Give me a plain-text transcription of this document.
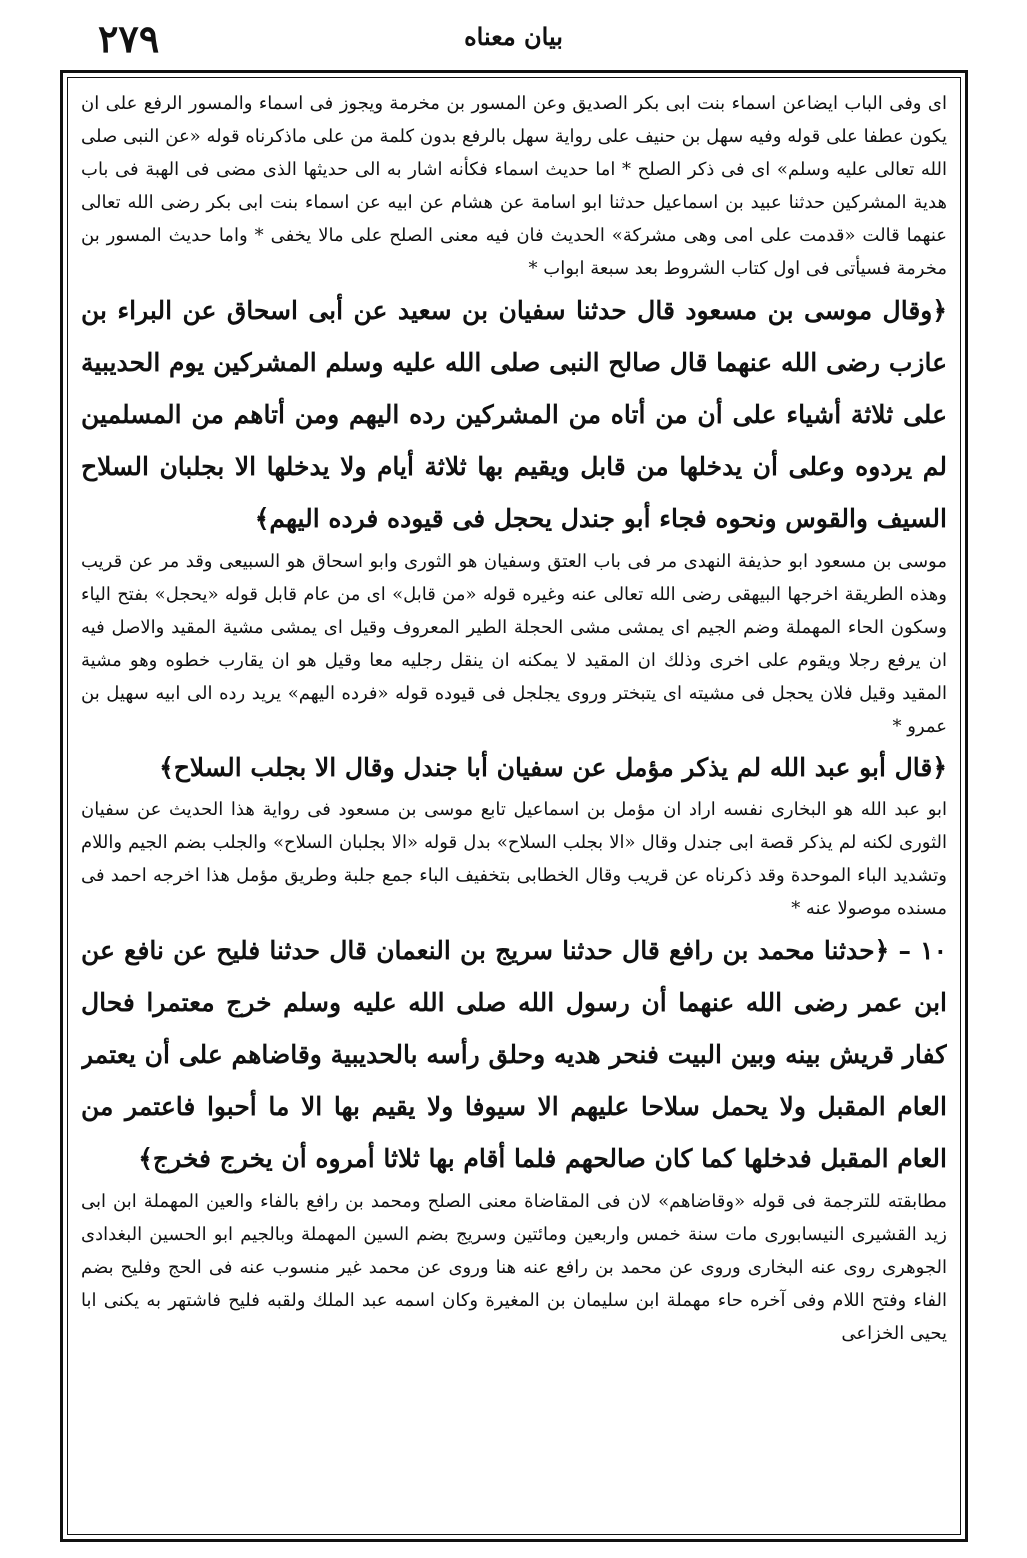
٢٧٩	بيان معناه

اى وفى الباب ايضاعن اسماء بنت ابى بكر الصديق وعن المسور بن مخرمة ويجوز فى اسماء والمسور الرفع على ان يكون عطفا على قوله وفيه سهل بن حنيف على رواية سهل بالرفع بدون كلمة من على ماذكرناه قوله «عن النبى صلى الله تعالى عليه وسلم» اى فى ذكر الصلح * اما حديث اسماء فكأنه اشار به الى حديثها الذى مضى فى الهبة فى باب هدية المشركين حدثنا عبيد بن اسماعيل حدثنا ابو اسامة عن هشام عن ابيه عن اسماء بنت ابى بكر رضى الله تعالى عنهما قالت «قدمت على امى وهى مشركة» الحديث فان فيه معنى الصلح على مالا يخفى * واما حديث المسور بن مخرمة فسيأتى فى اول كتاب الشروط بعد سبعة ابواب *

﴿وقال موسى بن مسعود قال حدثنا سفيان بن سعيد عن أبى اسحاق عن البراء بن عازب رضى الله عنهما قال صالح النبى صلى الله عليه وسلم المشركين يوم الحديبية على ثلاثة أشياء على أن من أتاه من المشركين رده اليهم ومن أتاهم من المسلمين لم يردوه وعلى أن يدخلها من قابل ويقيم بها ثلاثة أيام ولا يدخلها الا بجلبان السلاح السيف والقوس ونحوه فجاء أبو جندل يحجل فى قيوده فرده اليهم﴾

موسى بن مسعود ابو حذيفة النهدى مر فى باب العتق وسفيان هو الثورى وابو اسحاق هو السبيعى وقد مر عن قريب وهذه الطريقة اخرجها البيهقى رضى الله تعالى عنه وغيره قوله «من قابل» اى من عام قابل قوله «يحجل» بفتح الياء وسكون الحاء المهملة وضم الجيم اى يمشى مشى الحجلة الطير المعروف وقيل اى يمشى مشية المقيد والاصل فيه ان يرفع رجلا ويقوم على اخرى وذلك ان المقيد لا يمكنه ان ينقل رجليه معا وقيل هو ان يقارب خطوه وهو مشية المقيد وقيل فلان يحجل فى مشيته اى يتبختر وروى يجلجل فى قيوده قوله «فرده اليهم» يريد رده الى ابيه سهيل بن عمرو *

﴿قال أبو عبد الله لم يذكر مؤمل عن سفيان أبا جندل وقال الا بجلب السلاح﴾

ابو عبد الله هو البخارى نفسه اراد ان مؤمل بن اسماعيل تابع موسى بن مسعود فى رواية هذا الحديث عن سفيان الثورى لكنه لم يذكر قصة ابى جندل وقال «الا بجلب السلاح» بدل قوله «الا بجلبان السلاح» والجلب بضم الجيم واللام وتشديد الباء الموحدة وقد ذكرناه عن قريب وقال الخطابى بتخفيف الباء جمع جلبة وطريق مؤمل هذا اخرجه احمد فى مسنده موصولا عنه *

١٠ – ﴿حدثنا محمد بن رافع قال حدثنا سريج بن النعمان قال حدثنا فليح عن نافع عن ابن عمر رضى الله عنهما أن رسول الله صلى الله عليه وسلم خرج معتمرا فحال كفار قريش بينه وبين البيت فنحر هديه وحلق رأسه بالحديبية وقاضاهم على أن يعتمر العام المقبل ولا يحمل سلاحا عليهم الا سيوفا ولا يقيم بها الا ما أحبوا فاعتمر من العام المقبل فدخلها كما كان صالحهم فلما أقام بها ثلاثا أمروه أن يخرج فخرج﴾

مطابقته للترجمة فى قوله «وقاضاهم» لان فى المقاضاة معنى الصلح ومحمد بن رافع بالفاء والعين المهملة ابن ابى زيد القشيرى النيسابورى مات سنة خمس واربعين ومائتين وسريج بضم السين المهملة وبالجيم ابو الحسين البغدادى الجوهرى روى عنه البخارى وروى عن محمد بن رافع عنه هنا وروى عن محمد غير منسوب عنه فى الحج وفليح بضم الفاء وفتح اللام وفى آخره حاء مهملة ابن سليمان بن المغيرة وكان اسمه عبد الملك ولقبه فليح فاشتهر به يكنى ابا يحيى الخزاعى
